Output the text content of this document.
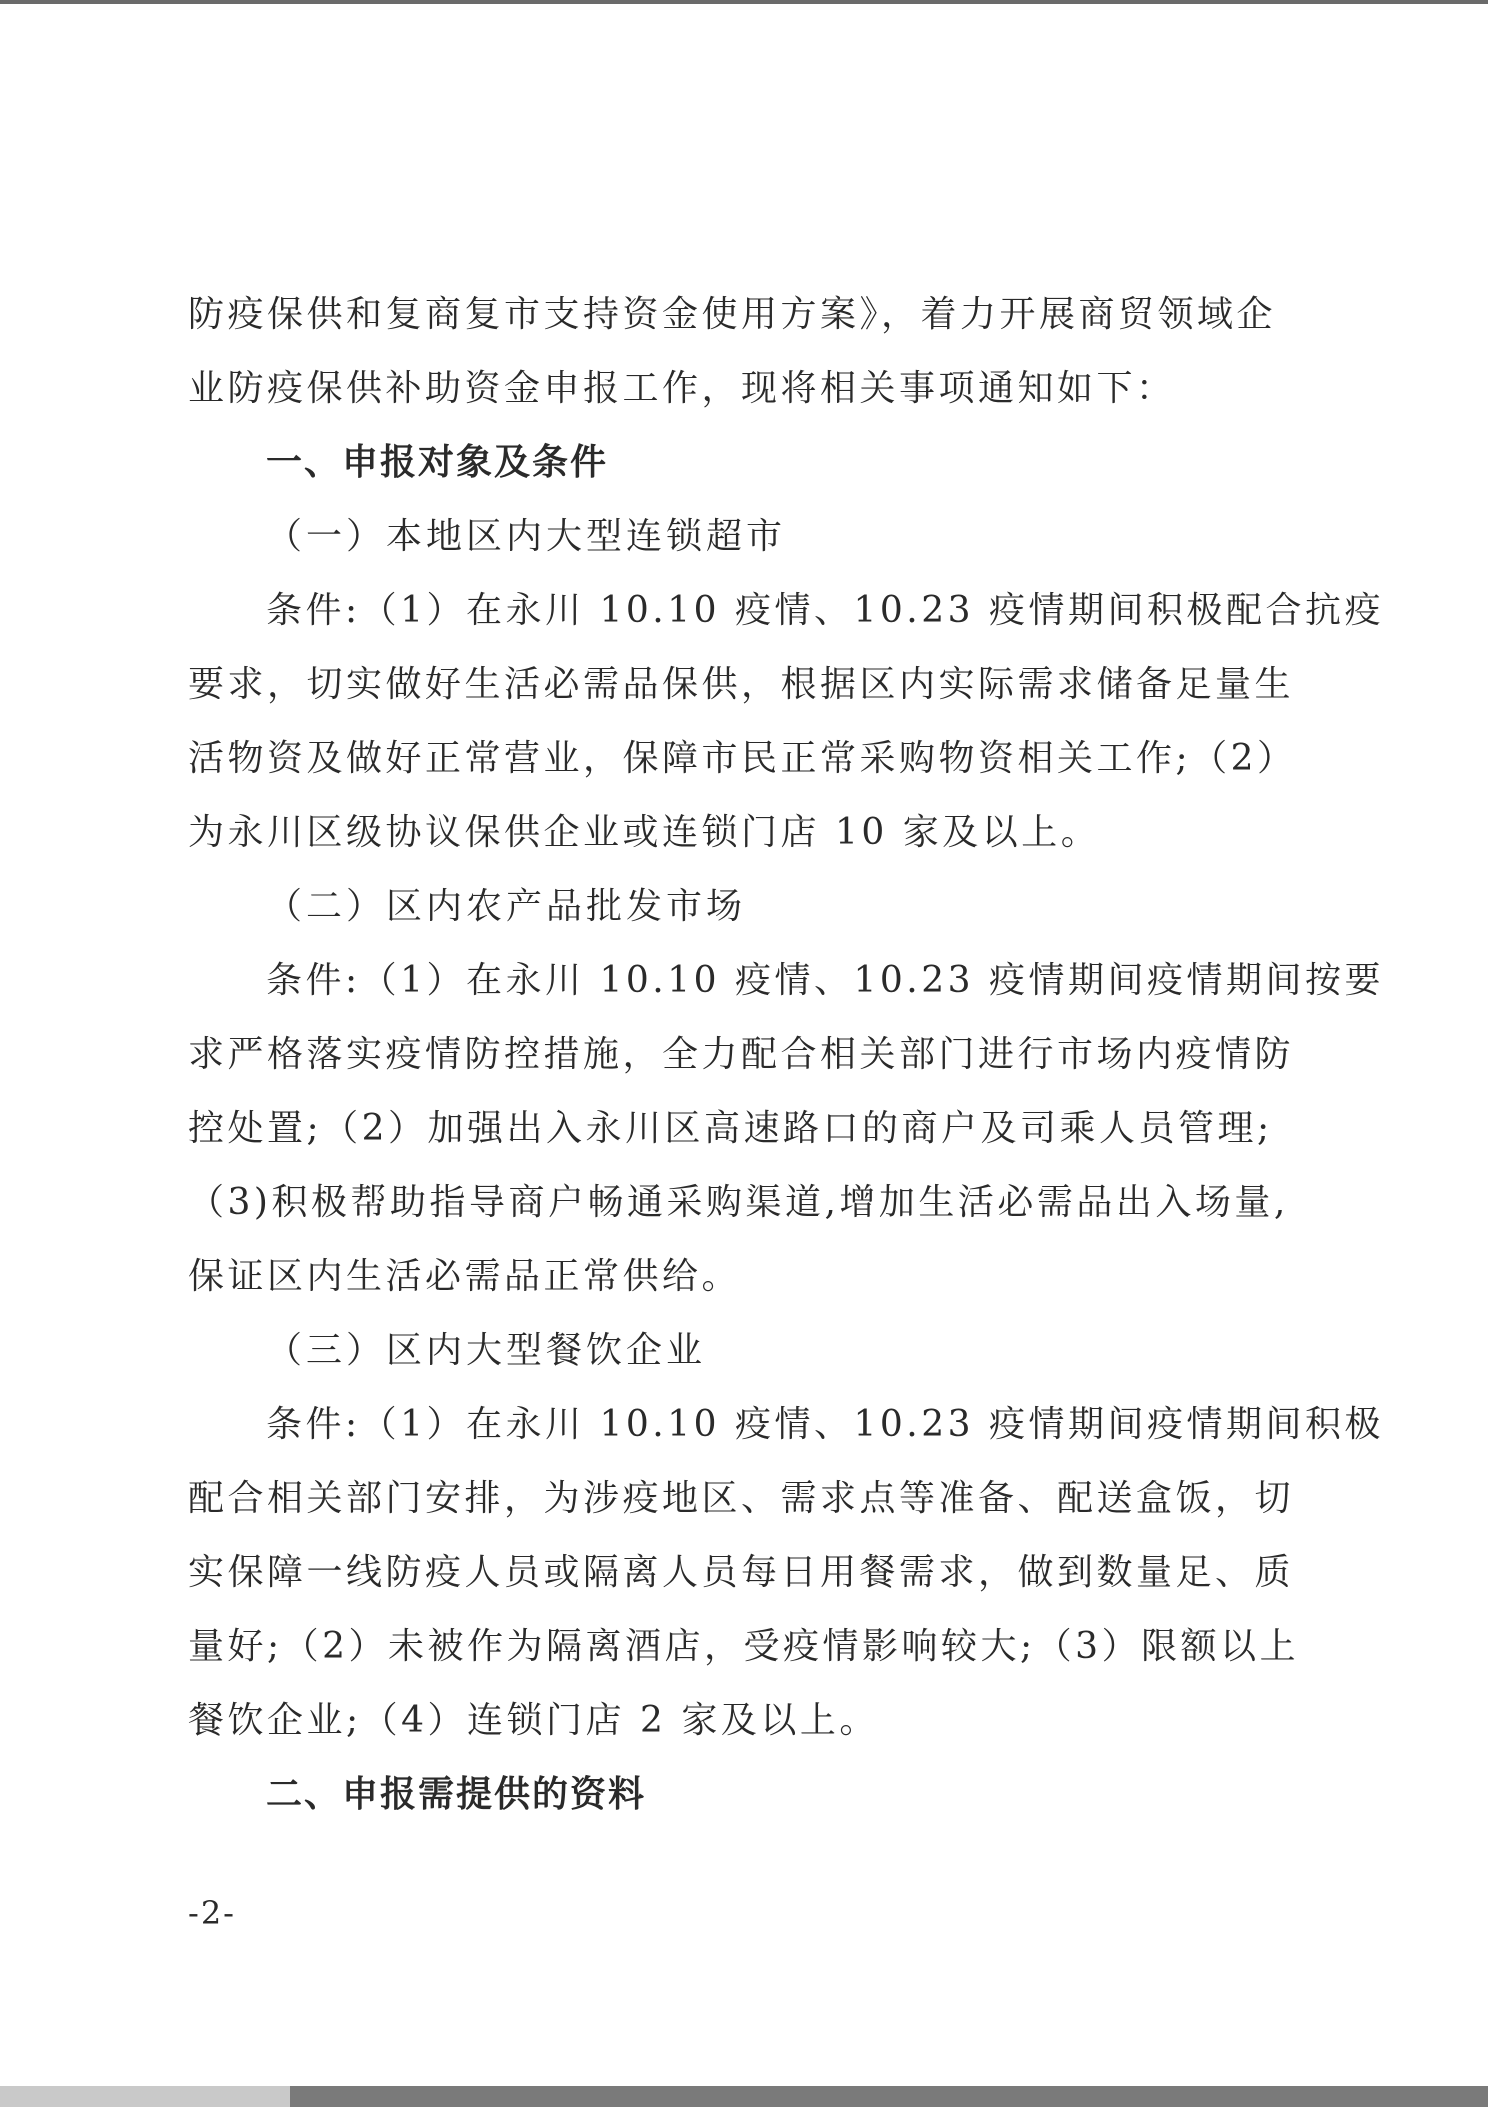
防疫保供和复商复市支持资金使用方案》，着力开展商贸领域企
业防疫保供补助资金申报工作，现将相关事项通知如下：
一、申报对象及条件
（一）本地区内大型连锁超市
条件:（1）在永川 10.10 疫情、10.23 疫情期间积极配合抗疫
要求，切实做好生活必需品保供，根据区内实际需求储备足量生
活物资及做好正常营业，保障市民正常采购物资相关工作;（2）
为永川区级协议保供企业或连锁门店 10 家及以上。
（二）区内农产品批发市场
条件:（1）在永川 10.10 疫情、10.23 疫情期间疫情期间按要
求严格落实疫情防控措施，全力配合相关部门进行市场内疫情防
控处置;（2）加强出入永川区高速路口的商户及司乘人员管理;
（3)积极帮助指导商户畅通采购渠道,增加生活必需品出入场量,
保证区内生活必需品正常供给。
（三）区内大型餐饮企业
条件:（1）在永川 10.10 疫情、10.23 疫情期间疫情期间积极
配合相关部门安排，为涉疫地区、需求点等准备、配送盒饭，切
实保障一线防疫人员或隔离人员每日用餐需求，做到数量足、质
量好;（2）未被作为隔离酒店，受疫情影响较大;（3）限额以上
餐饮企业;（4）连锁门店 2 家及以上。
二、申报需提供的资料
-2-
